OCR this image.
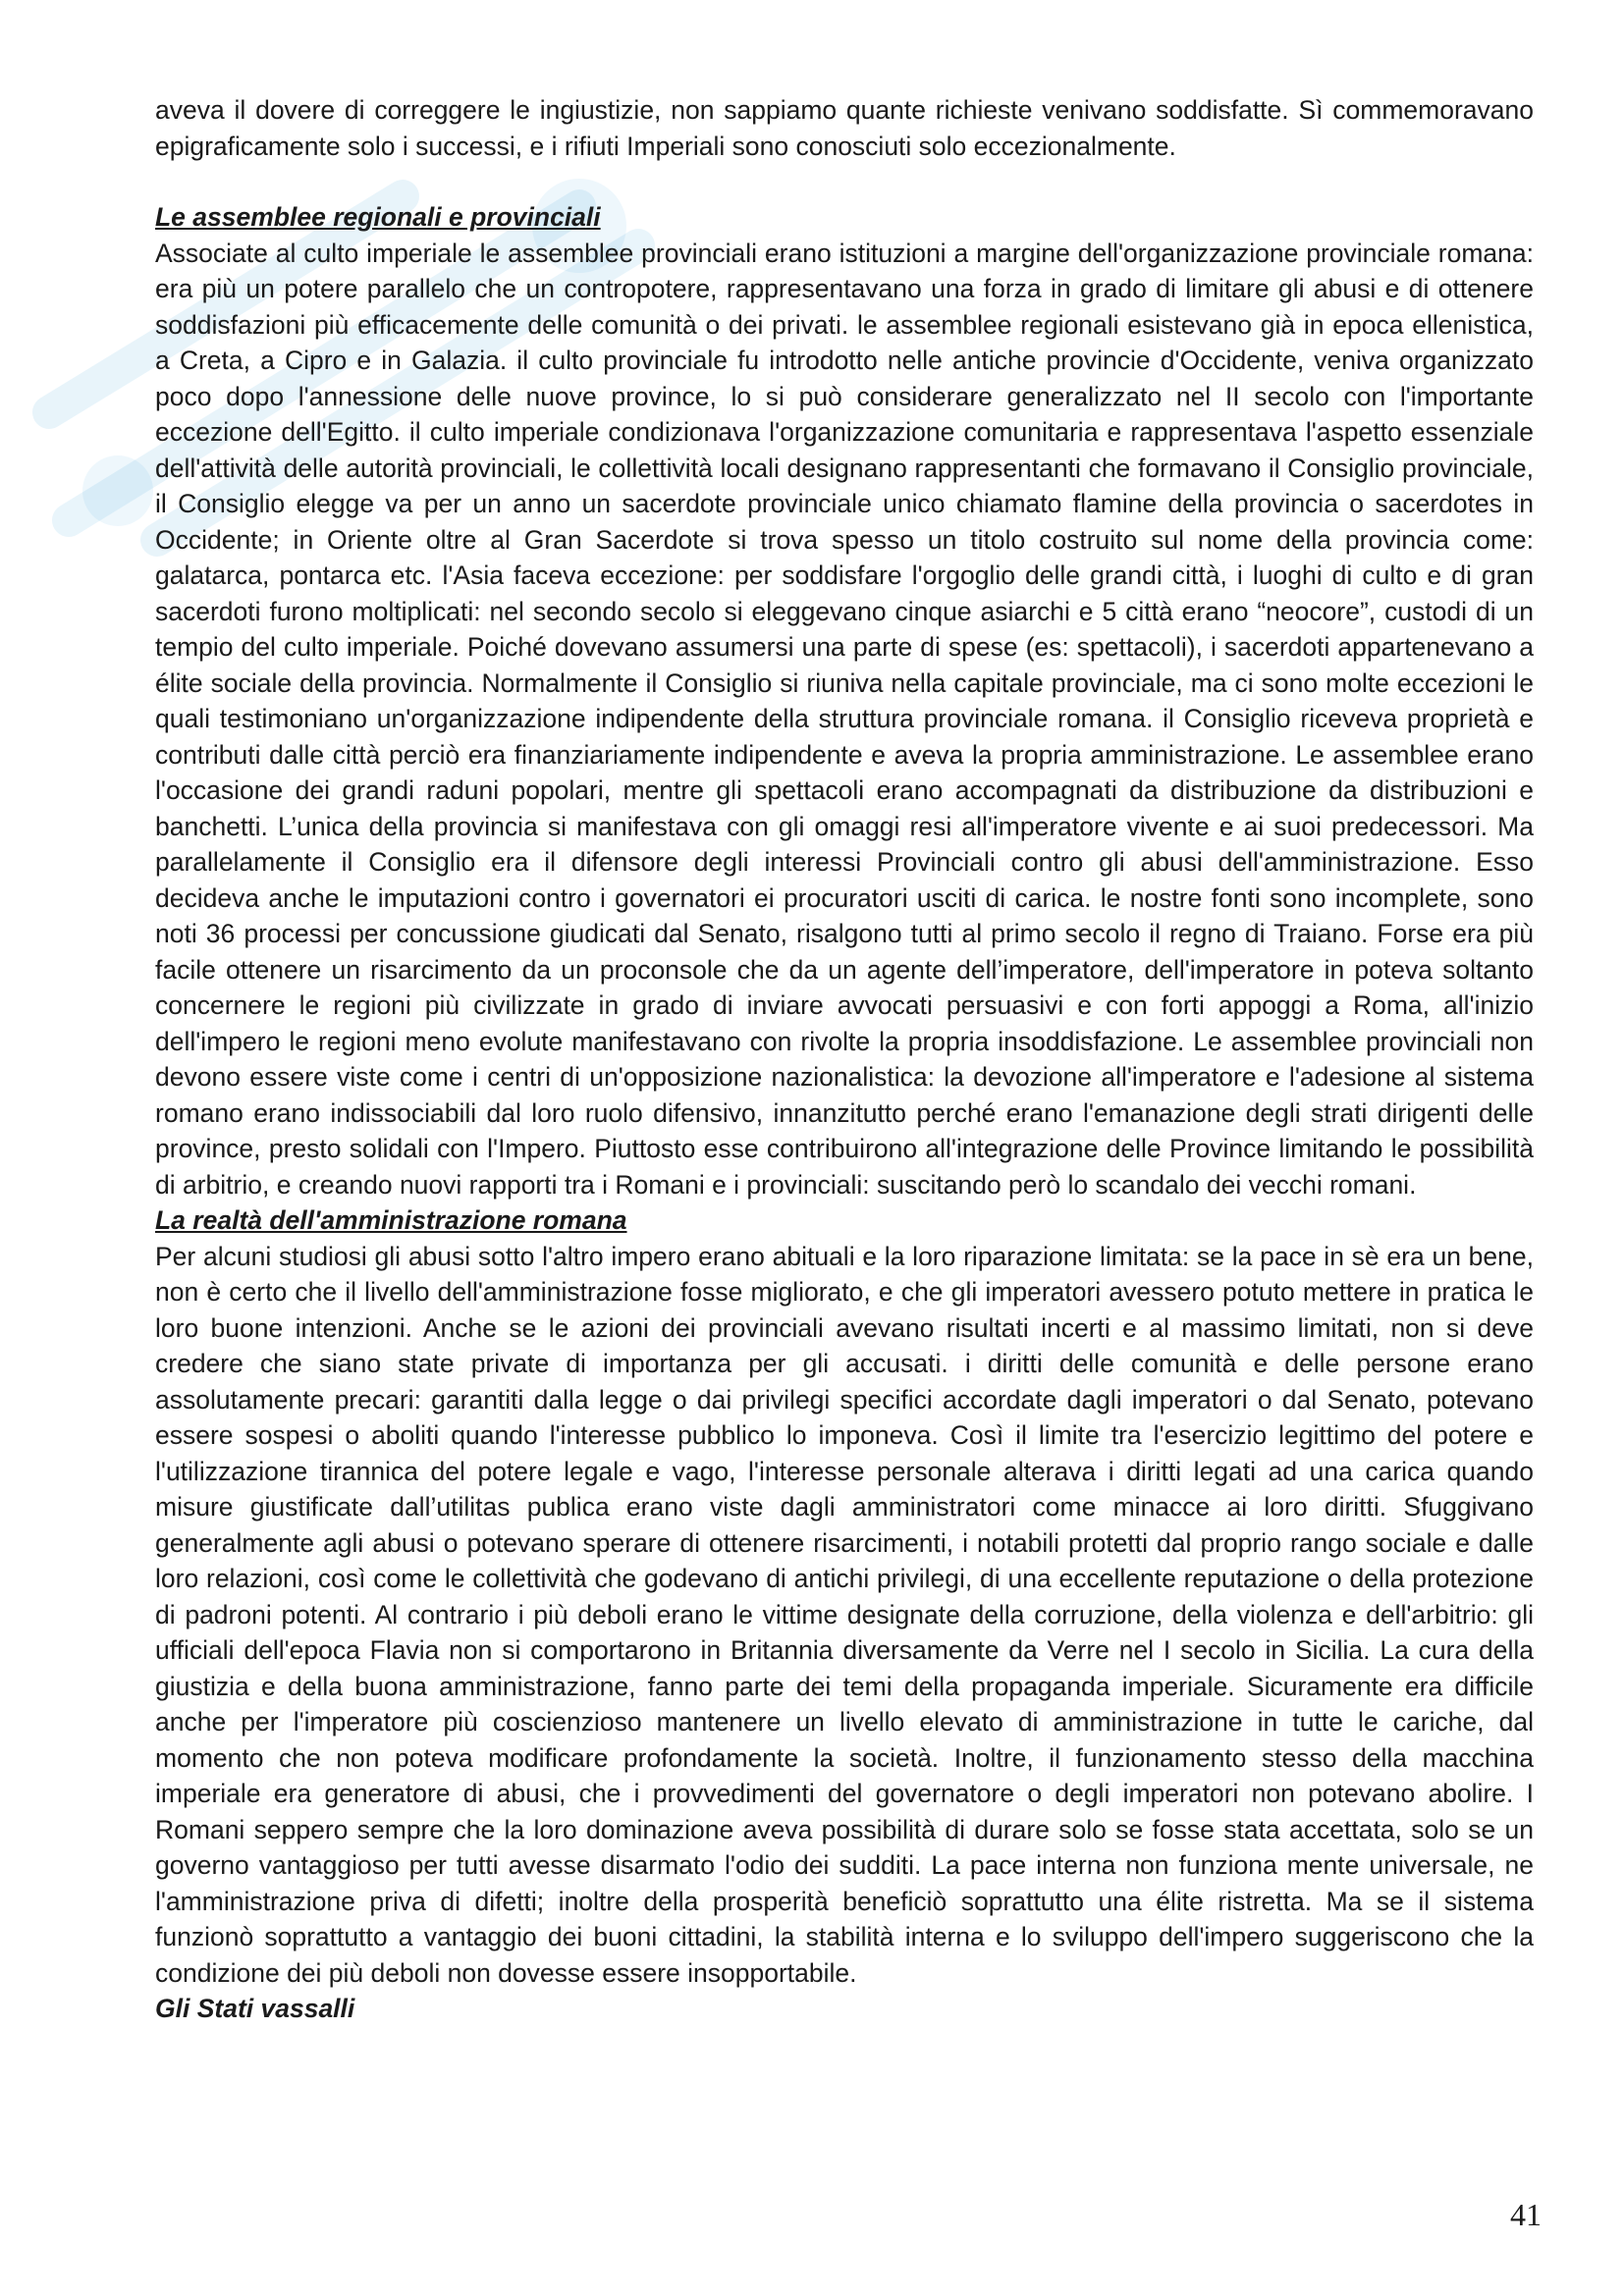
aveva il dovere di correggere le ingiustizie, non sappiamo quante richieste venivano soddisfatte. Sì commemoravano epigraficamente solo i successi, e i rifiuti Imperiali sono conosciuti solo eccezionalmente.

Le assemblee regionali e provinciali

Associate al culto imperiale le assemblee provinciali erano istituzioni a margine dell'organizzazione provinciale romana: era più un potere parallelo che un contropotere, rappresentavano una forza in grado di limitare gli abusi e di ottenere soddisfazioni più efficacemente delle comunità o dei privati. le assemblee regionali esistevano già in epoca ellenistica, a Creta, a Cipro e in Galazia. il culto provinciale fu introdotto nelle antiche provincie d'Occidente, veniva organizzato poco dopo l'annessione delle nuove province, lo si può considerare generalizzato nel II secolo con l'importante eccezione dell'Egitto. il culto imperiale condizionava l'organizzazione comunitaria e rappresentava l'aspetto essenziale dell'attività delle autorità provinciali, le collettività locali designano rappresentanti che formavano il Consiglio provinciale, il Consiglio elegge va per un anno un sacerdote provinciale unico chiamato flamine della provincia o sacerdotes in Occidente; in Oriente oltre al Gran Sacerdote si trova spesso un titolo costruito sul nome della provincia come: galatarca, pontarca etc. l'Asia faceva eccezione: per soddisfare l'orgoglio delle grandi città, i luoghi di culto e di gran sacerdoti furono moltiplicati: nel secondo secolo si eleggevano cinque asiarchi e 5 città erano “neocore”, custodi di un tempio del culto imperiale. Poiché dovevano assumersi una parte di spese (es: spettacoli), i sacerdoti appartenevano a élite sociale della provincia. Normalmente il Consiglio si riuniva nella capitale provinciale, ma ci sono molte eccezioni le quali testimoniano un'organizzazione indipendente della struttura provinciale romana. il Consiglio riceveva proprietà e contributi dalle città perciò era finanziariamente indipendente e aveva la propria amministrazione. Le assemblee erano l'occasione dei grandi raduni popolari, mentre gli spettacoli erano accompagnati da distribuzione da distribuzioni e banchetti. L’unica della provincia si manifestava con gli omaggi resi all'imperatore vivente e ai suoi predecessori. Ma parallelamente il Consiglio era il difensore degli interessi Provinciali contro gli abusi dell'amministrazione. Esso decideva anche le imputazioni contro i governatori ei procuratori usciti di carica. le nostre fonti sono incomplete, sono noti 36 processi per concussione giudicati dal Senato, risalgono tutti al primo secolo il regno di Traiano. Forse era più facile ottenere un risarcimento da un proconsole che da un agente dell’imperatore, dell'imperatore in poteva soltanto concernere le regioni più civilizzate in grado di inviare avvocati persuasivi e con forti appoggi a Roma, all'inizio dell'impero le regioni meno evolute manifestavano con rivolte la propria insoddisfazione. Le assemblee provinciali non devono essere viste come i centri di un'opposizione nazionalistica: la devozione all'imperatore e l'adesione al sistema romano erano indissociabili dal loro ruolo difensivo, innanzitutto perché erano l'emanazione degli strati dirigenti delle province, presto solidali con l'Impero. Piuttosto esse contribuirono all'integrazione delle Province limitando le possibilità di arbitrio, e creando nuovi rapporti tra i Romani e i provinciali: suscitando però lo scandalo dei vecchi romani.

La realtà dell'amministrazione romana

Per alcuni studiosi gli abusi sotto l'altro impero erano abituali e la loro riparazione limitata: se la pace in sè era un bene, non è certo che il livello dell'amministrazione fosse migliorato, e che gli imperatori avessero potuto mettere in pratica le loro buone intenzioni. Anche se le azioni dei provinciali avevano risultati incerti e al massimo limitati, non si deve credere che siano state private di importanza per gli accusati. i diritti delle comunità e delle persone erano assolutamente precari: garantiti dalla legge o dai privilegi specifici accordate dagli imperatori o dal Senato, potevano essere sospesi o aboliti quando l'interesse pubblico lo imponeva. Così il limite tra l'esercizio legittimo del potere e l'utilizzazione tirannica del potere legale e vago, l'interesse personale alterava i diritti legati ad una carica quando misure giustificate dall’utilitas publica erano viste dagli amministratori come minacce ai loro diritti. Sfuggivano generalmente agli abusi o potevano sperare di ottenere risarcimenti, i notabili protetti dal proprio rango sociale e dalle loro relazioni, così come le collettività che godevano di antichi privilegi, di una eccellente reputazione o della protezione di padroni potenti. Al contrario i più deboli erano le vittime designate della corruzione, della violenza e dell'arbitrio: gli ufficiali dell'epoca Flavia non si comportarono in Britannia diversamente da Verre nel I secolo in Sicilia. La cura della giustizia e della buona amministrazione, fanno parte dei temi della propaganda imperiale. Sicuramente era difficile anche per l'imperatore più coscienzioso mantenere un livello elevato di amministrazione in tutte le cariche, dal momento che non poteva modificare profondamente la società. Inoltre, il funzionamento stesso della macchina imperiale era generatore di abusi, che i provvedimenti del governatore o degli imperatori non potevano abolire. I Romani seppero sempre che la loro dominazione aveva possibilità di durare solo se fosse stata accettata, solo se un governo vantaggioso per tutti avesse disarmato l'odio dei sudditi. La pace interna non funziona mente universale, ne l'amministrazione priva di difetti; inoltre della prosperità beneficiò soprattutto una élite ristretta. Ma se il sistema funzionò soprattutto a vantaggio dei buoni cittadini, la stabilità interna e lo sviluppo dell'impero suggeriscono che la condizione dei più deboli non dovesse essere insopportabile.

Gli Stati vassalli
41
